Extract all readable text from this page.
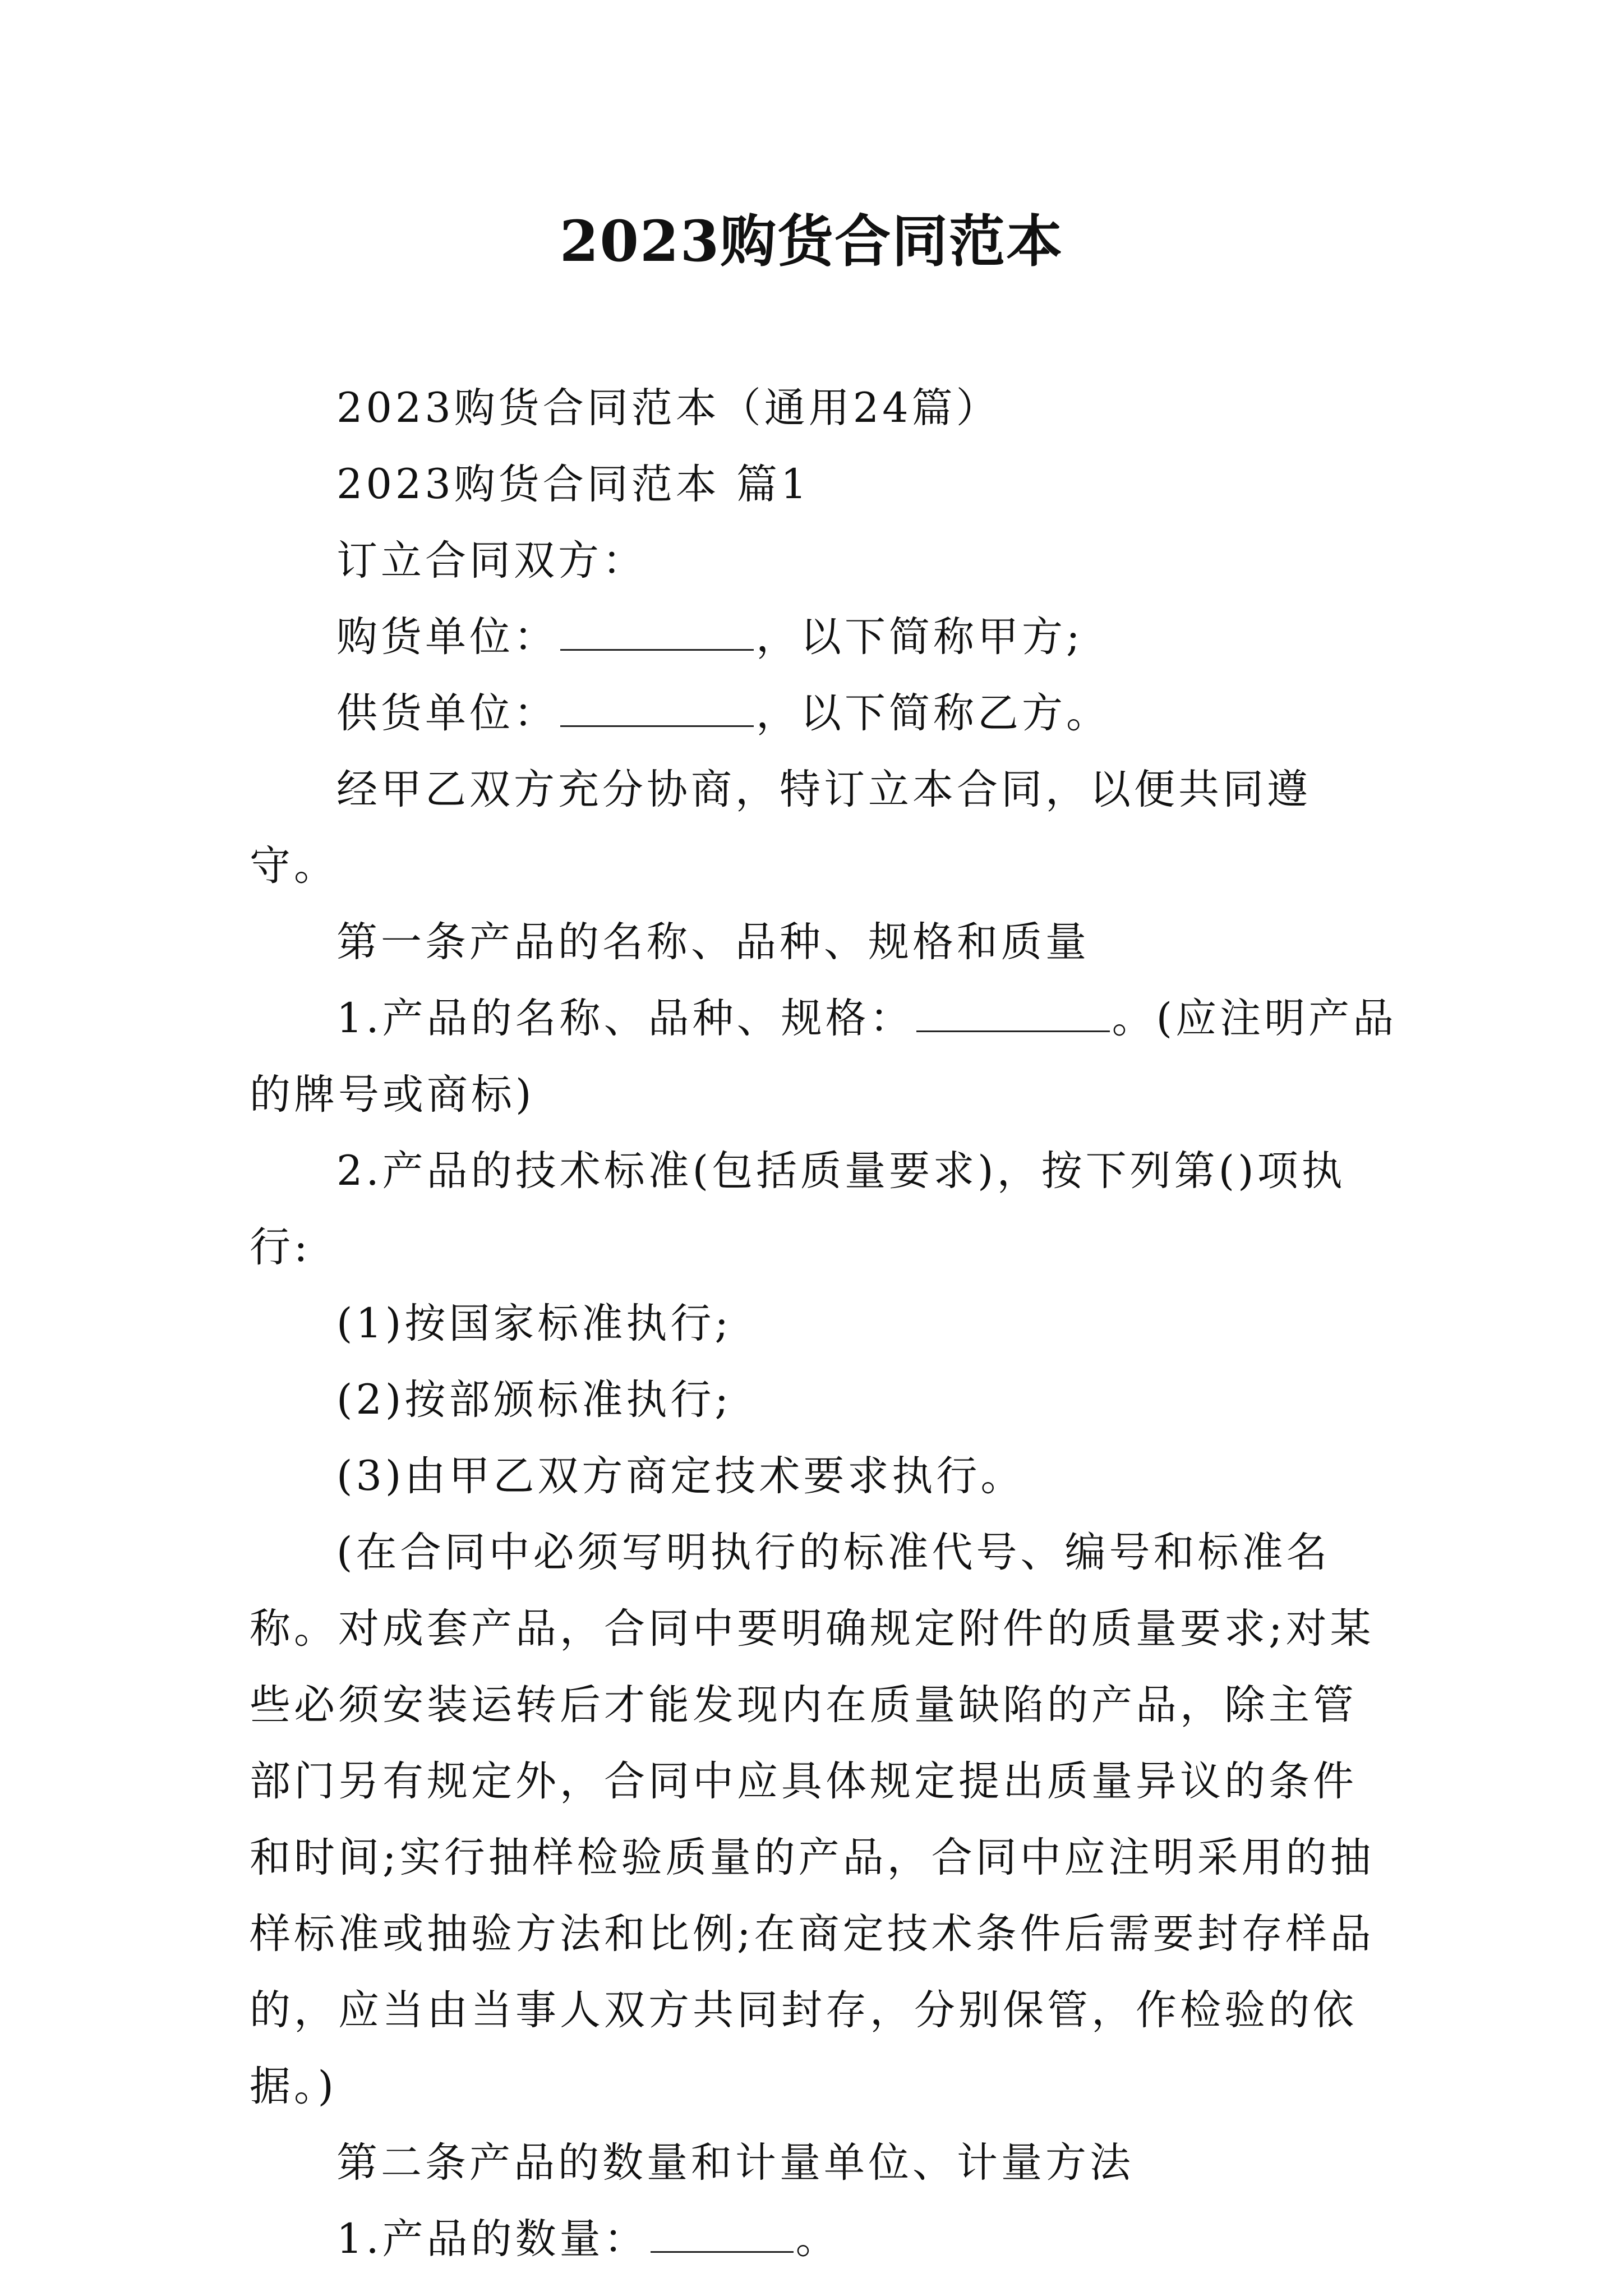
2023购货合同范本

2023购货合同范本（通用24篇）

2023购货合同范本 篇1

订立合同双方：

购货单位：	，以下简称甲方;

供货单位：	，以下简称乙方。

经甲乙双方充分协商，特订立本合同，以便共同遵守。

第一条产品的名称、品种、规格和质量

1.产品的名称、品种、规格：	。(应注明产品的牌号或商标)

2.产品的技术标准(包括质量要求)，按下列第()项执行:

(1)按国家标准执行;

(2)按部颁标准执行;

(3)由甲乙双方商定技术要求执行。

(在合同中必须写明执行的标准代号、编号和标准名称。对成套产品，合同中要明确规定附件的质量要求;对某些必须安装运转后才能发现内在质量缺陷的产品，除主管部门另有规定外，合同中应具体规定提出质量异议的条件和时间;实行抽样检验质量的产品，合同中应注明采用的抽样标准或抽验方法和比例;在商定技术条件后需要封存样品的，应当由当事人双方共同封存，分别保管，作检验的依据。)

第二条产品的数量和计量单位、计量方法

1.产品的数量：	。
